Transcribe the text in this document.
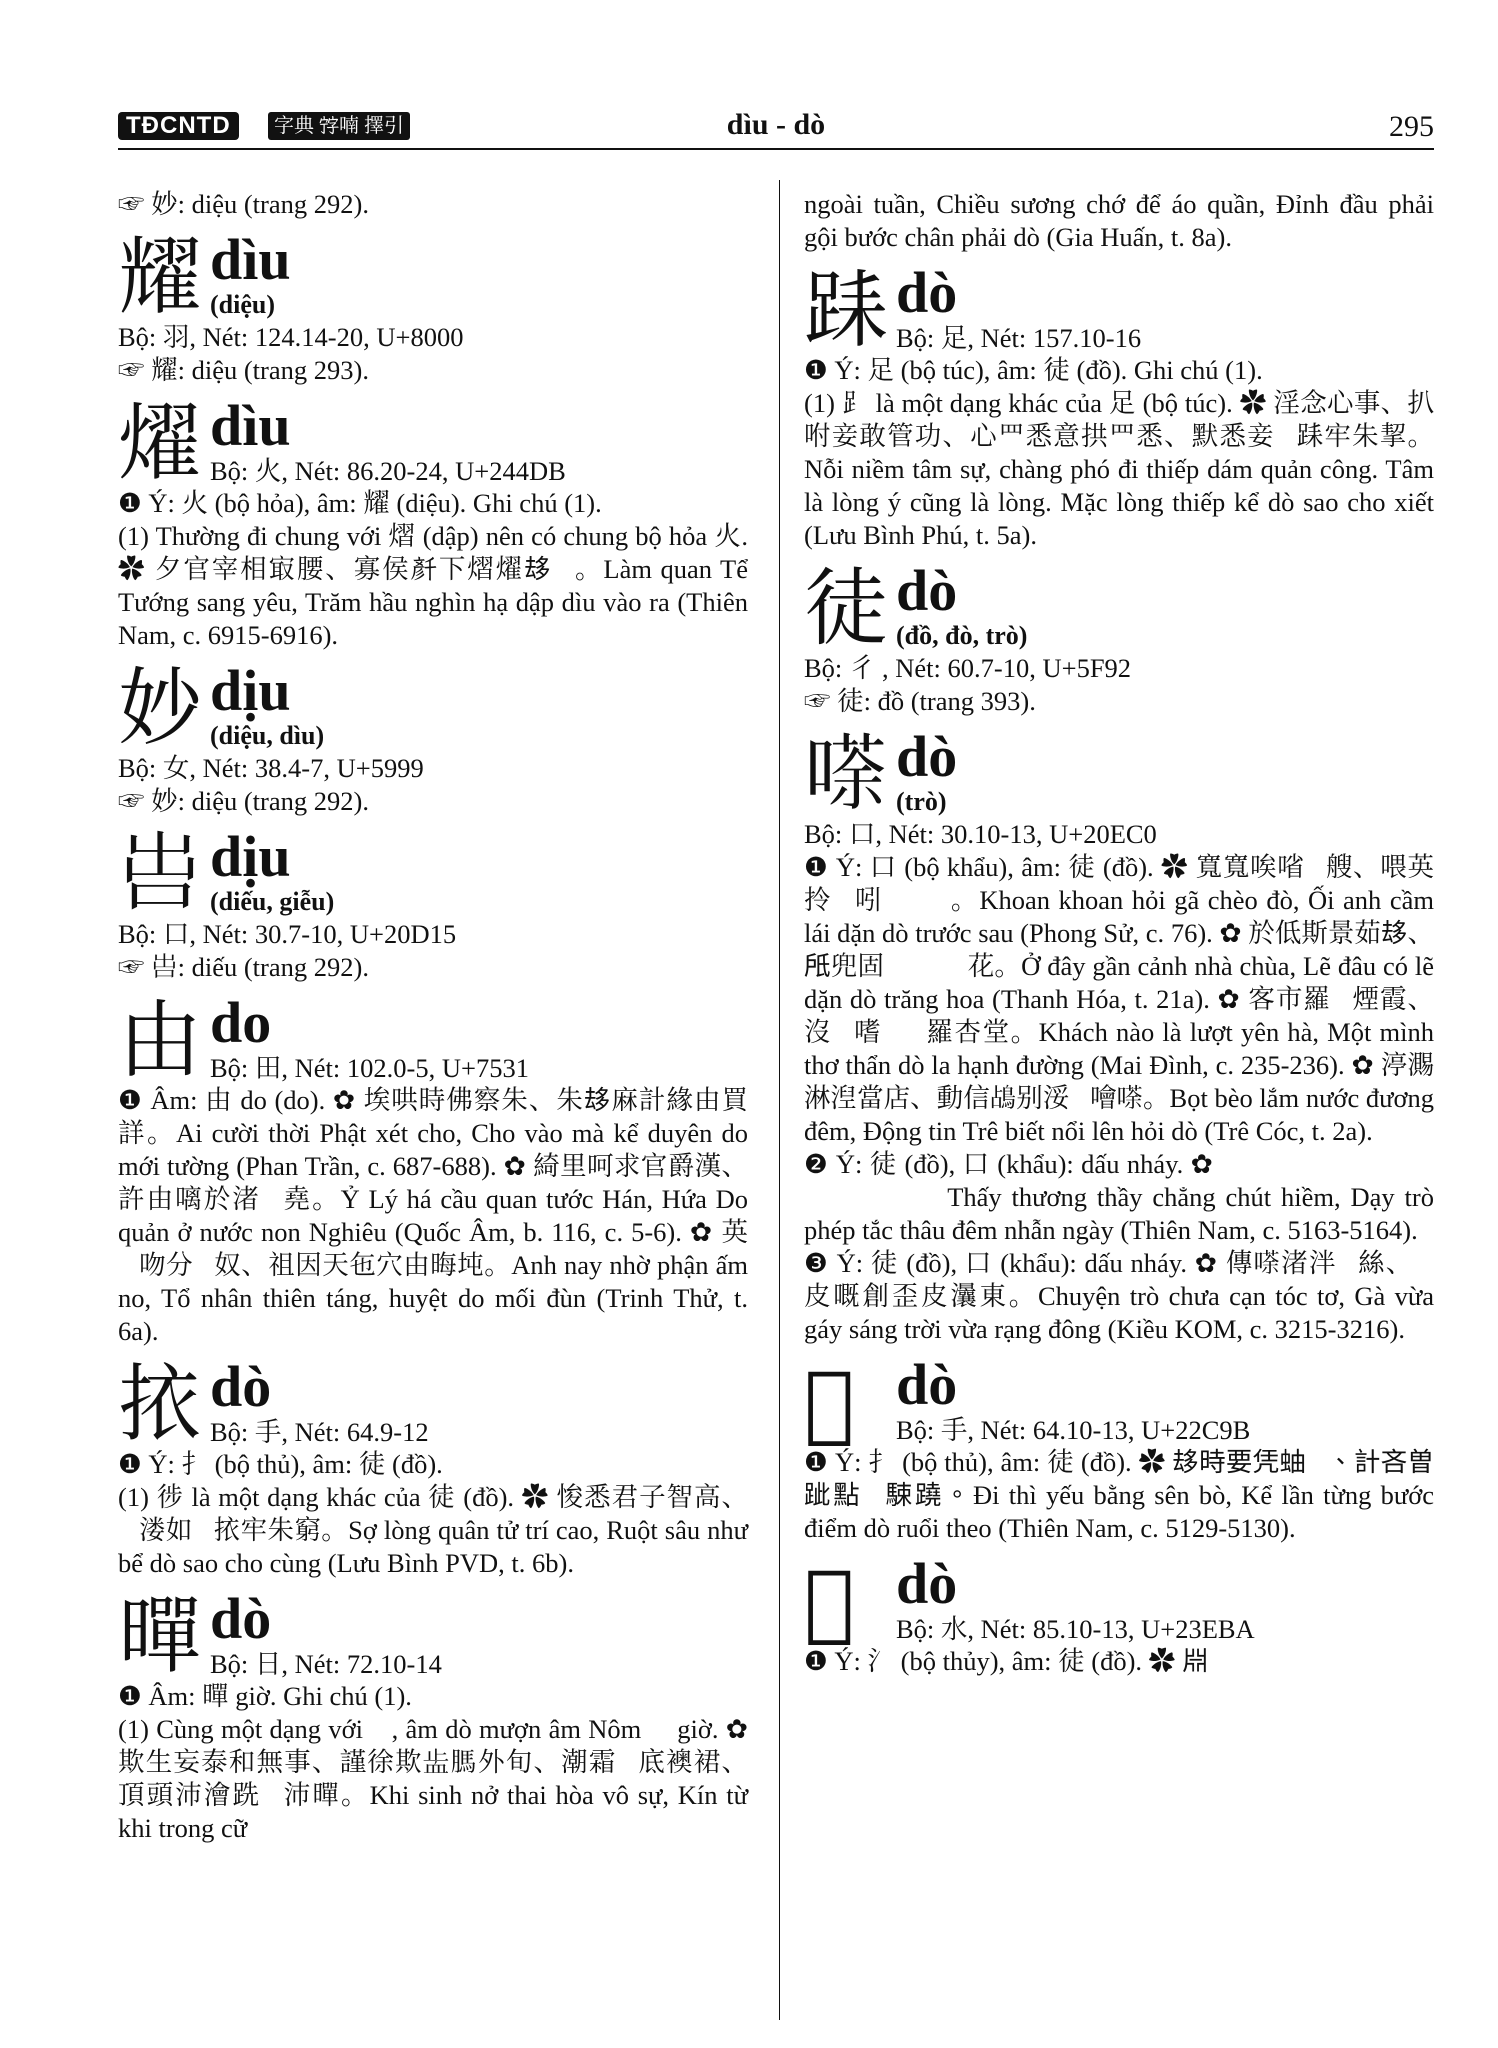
TĐCNTD	字典 𡨸喃 擇引	dìu - dò	295

☞ 妙: diệu (trang 292).

耀 dìu
(diệu)

Bộ: 羽, Nét: 124.14-20, U+8000

☞ 耀: diệu (trang 293).

燿 dìu
Bộ: 火, Nét: 86.20-24, U+244DB

❶ Ý: 火 (bộ hỏa), âm: 耀 (diệu). Ghi chú (1).

(1) Thường đi chung với 熠 (dập) nên có chung bộ hỏa 火. ✿ 夕官宰相㝡腰、寡侯𠦳下熠燿𠫾𨖲。Làm quan Tể Tướng sang yêu, Trăm hầu nghìn hạ dập dìu vào ra (Thiên Nam, c. 6915-6916).

妙 dịu
(diệu, dìu)

Bộ: 女, Nét: 38.4-7, U+5999

☞ 妙: diệu (trang 292).

𠰕 dịu
(diếu, giễu)

Bộ: 口, Nét: 30.7-10, U+20D15

☞ 𠰕: diếu (trang 292).

由 do
Bộ: 田, Nét: 102.0-5, U+7531

❶ Âm: 由 do (do). ✿ 埃哄時佛察朱、朱𠫾麻計緣由買詳。Ai cười thời Phật xét cho, Cho vào mà kể duyên do mới tường (Phan Trần, c. 687-688). ✿ 綺里呵求官爵漢、許由𠻗於渚𡽫堯。Ỷ Lý há cầu quan tước Hán, Hứa Do quản ở nước non Nghiêu (Quốc Âm, b. 116, c. 5-6). ✿ 英𠁑吻分𡗶奴、祖因天㐌穴由晦坉。Anh nay nhờ phận ấm no, Tổ nhân thiên táng, huyệt do mối đùn (Trinh Thử, t. 6a).

挔 dò
Bộ: 手, Nét: 64.9-12

❶ Ý: 扌 (bộ thủ), âm: 徒 (đồ).

(1) 徏 là một dạng khác của 徒 (đồ). ✿ 悛悉君子智高、𦛌溇如𣷭挔牢朱窮。Sợ lòng quân tử trí cao, Ruột sâu như bể dò sao cho cùng (Lưu Bình PVD, t. 6b).

暺 dò
Bộ: 日, Nét: 72.10-14

❶ Âm: 暺 giờ. Ghi chú (1).

(1) Cùng một dạng với 𣇞, âm dò mượn âm Nôm 𣇞 giờ. ✿ 欺生妄泰和無事、謹徐欺𧖭𦟐外旬、潮霜𦀺底襖裙、頂頭沛澮跣𩠓沛暺。Khi sinh nở thai hòa vô sự, Kín từ khi trong cữ

ngoài tuần, Chiều sương chớ để áo quần, Đỉnh đầu phải gội bước chân phải dò (Gia Huấn, t. 8a).

𨀤 dò
Bộ: 足, Nét: 157.10-16

❶ Ý: 足 (bộ túc), âm: 徒 (đồ). Ghi chú (1).

(1) ⻊ là một dạng khác của 足 (bộ túc). ✿ 淫念心事、扒咐妾敢管功、心罒悉意拱罒悉、默悉妾𠳨𨀤牢朱挈。Nỗi niềm tâm sự, chàng phó đi thiếp dám quản công. Tâm là lòng ý cũng là lòng. Mặc lòng thiếp kể dò sao cho xiết (Lưu Bình Phú, t. 5a).

徒 dò
(đồ, đò, trò)

Bộ: 彳 , Nét: 60.7-10, U+5F92

☞ 徒: đồ (trang 393).

𠻬 dò
(trò)

Bộ: 口, Nét: 30.10-13, U+20EC0

❶ Ý: 口 (bộ khẩu), âm: 徒 (đồ). ✿ 寬寬唉㗂𢯏艘、喂英拎𢂰吲𠻬𦢳𩈘。Khoan khoan hỏi gã chèo đò, Ối anh cầm lái dặn dò trước sau (Phong Sử, c. 76). ✿ 於低斯景茹𠫾、𣱆兜固𨭈𠻬𠻬𦬑花。Ở đây gần cảnh nhà chùa, Lẽ đâu có lẽ dặn dò trăng hoa (Thanh Hóa, t. 21a). ✿ 客市羅𦀊煙霞、沒𨉟嗜𠳨𠻬羅杏堂。Khách nào là lượt yên hà, Một mình thơ thẩn dò la hạnh đường (Mai Đình, c. 235-236). ✿ 渟瀃淋湼當店、動信𪀄别浽𨖲噲𠻬。Bọt bèo lắm nước đương đêm, Động tin Trê biết nổi lên hỏi dò (Trê Cóc, t. 2a).

❷ Ý: 徒 (đồ), 口 (khẩu): dấu nháy. ✿ 𧡊傷柴拯𢬣嫌、吷𠻬法則偷店忍㖡。Thấy thương thầy chẳng chút hiềm, Dạy trò phép tắc thâu đêm nhẫn ngày (Thiên Nam, c. 5163-5164).

❸ Ý: 徒 (đồ), 口 (khẩu): dấu nháy. ✿ 傳𠻬渚泮𩯀絲、𪂮皮嘅創歪皮㶞東。Chuyện trò chưa cạn tóc tơ, Gà vừa gáy sáng trời vừa rạng đông (Kiều KOM, c. 3215-3216).

𢳛 dò
Bộ: 手, Nét: 64.10-13, U+22C9B

❶ Ý: 扌 (bộ thủ), âm: 徒 (đồ). ✿ 𠫾時要凭蚰𨆢、計吝曽跐點𢳛駷蹺。Đi thì yếu bằng sên bò, Kể lần từng bước điểm dò ruổi theo (Thiên Nam, c. 5129-5130).

𣺺 dò
Bộ: 水, Nét: 85.10-13, U+23EBA

❶ Ý: 氵 (bộ thủy), âm: 徒 (đồ). ✿ 𣶒
